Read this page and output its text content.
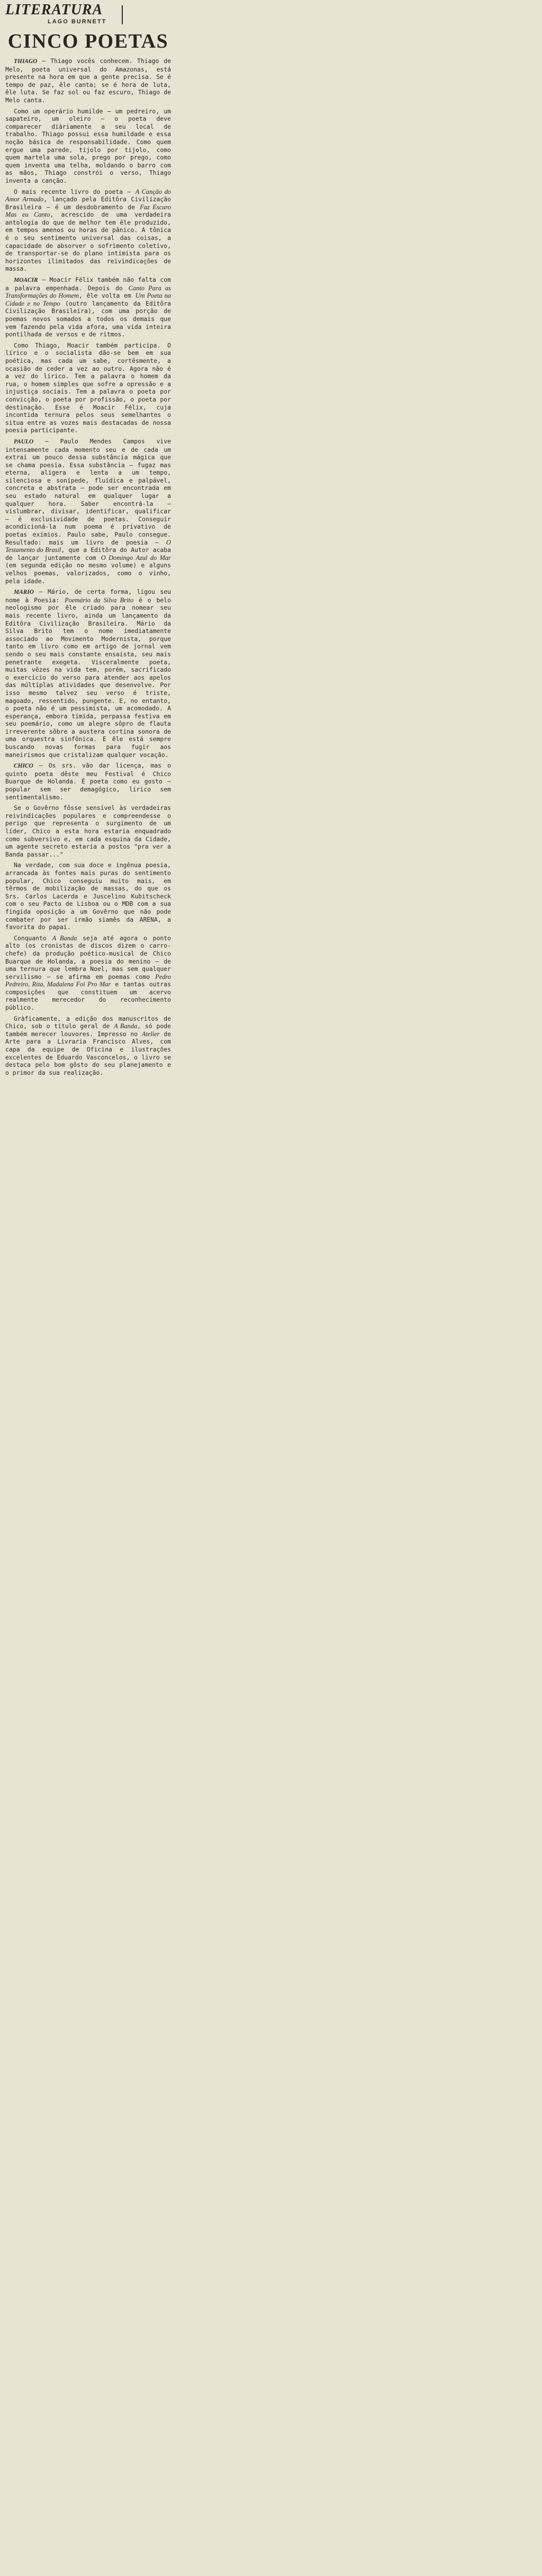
LITERATURA
LAGO BURNETT
CINCO POETAS

THIAGO — Thiago vocês conhecem. Thiago de Melo, poeta universal do Amazonas, está presente na hora em que a gente precisa. Se é tempo de paz, êle canta; se é hora de luta, êle luta. Se faz sol ou faz escuro, Thiago de Melo canta.

Como um operário humilde — um pedreiro, um sapateiro, um oleiro — o poeta deve comparecer diàriamente a seu local de trabalho. Thiago possui essa humildade e essa noção básica de responsabilidade. Como quem ergue uma parede, tijolo por tijolo, como quem martela uma sola, prego por prego, como quem inventa uma telha, moldando o barro com as mãos, Thiago constrói o verso, Thiago inventa a canção.

O mais recente livro do poeta — A Canção do Amor Armado, lançado pela Editôra Civilização Brasileira — é um desdobramento de Faz Escuro Mas eu Canto, acrescido de uma verdadeira antologia do que de melhor tem êle produzido, em tempos amenos ou horas de pânico. A tônica é o seu sentimento universal das coisas, a capacidade de absorver o sofrimento coletivo, de transportar-se do plano intimista para os horizontes ilimitados das reivindicações de massa.

MOACIR — Moacir Félix também não falta com a palavra empenhada. Depois do Canto Para as Transformações do Homem, êle volta em Um Poeta na Cidade e no Tempo (outro lançamento da Editôra Civilização Brasileira), com uma porção de poemas novos somados a todos os demais que vem fazendo pela vida afora, uma vida inteira pontilhada de versos e de ritmos.

Como Thiago, Moacir também participa. O lírico e o socialista dão-se bem em sua poética, mas cada um sabe, cortêsmente, a ocasião de ceder a vez ao outro. Agora não é a vez do lírico. Tem a palavra o homem da rua, o homem simples que sofre a opressão e a injustiça sociais. Tem a palavra o poeta por convicção, o poeta por profissão, o poeta por destinação. Esse é Moacir Félix, cuja incontida ternura pelos seus semelhantes o situa entre as vozes mais destacadas de nossa poesia participante.

PAULO — Paulo Mendes Campos vive intensamente cada momento seu e de cada um extrai um pouco dessa substância mágica que se chama poesia. Essa substância — fugaz mas eterna, aligera e lenta a um tempo, silenciosa e sonípede, fluídica e palpável, concreta e abstrata — pode ser encontrada em seu estado natural em qualquer lugar a qualquer hora. Saber encontrá-la — vislumbrar, divisar, identificar, qualificar — é exclusividade de poetas. Conseguir acondicioná-la num poema é privativo de poetas exímios. Paulo sabe, Paulo consegue. Resultado: mais um livro de poesia — O Testamento do Brasil, que a Editôra do Autor acaba de lançar juntamente com O Domingo Azul do Mar (em segunda edição no mesmo volume) e alguns velhos poemas, valorizados, como o vinho, pela idade.

MARIO — Mário, de certa forma, ligou seu nome à Poesia: Poemário da Silva Brito é o belo neologismo por êle criado para nomear seu mais recente livro, ainda um lançamento da Editôra Civilização Brasileira. Mário da Silva Brito tem o nome imediatamente associado ao Movimento Modernista, porque tanto em livro como em artigo de jornal vem sendo o seu mais constante ensaísta, seu mais penetrante exegeta. Visceralmente poeta, muitas vêzes na vida tem, porém, sacrificado o exercício do verso para atender aos apelos das múltiplas atividades que desenvolve. Por isso mesmo talvez seu verso é triste, magoado, ressentido, pungente. E, no entanto, o poeta não é um pessimista, um acomodado. A esperança, embora tímida, perpassa festiva em seu poemário, como um alegre sôpro de flauta irreverente sôbre a austera cortina sonora de uma orquestra sinfônica. E êle está sempre buscando novas formas para fugir aos maneirismos que cristalizam qualquer vocação.

CHICO — Os srs. vão dar licença, mas o quinto poeta dêste meu Festival é Chico Buarque de Holanda. É poeta como eu gosto — popular sem ser demagógico, lírico sem sentimentalismo.

Se o Govêrno fôsse sensível às verdadeiras reivindicações populares e compreendesse o perigo que representa o surgimento de um líder, Chico a esta hora estaria enquadrado como subversivo e, em cada esquina da Cidade, um agente secreto estaria a postos "pra ver a Banda passar..."

Na verdade, com sua doce e ingênua poesia, arrancada às fontes mais puras do sentimento popular, Chico conseguiu muito mais, em têrmos de mobilização de massas, do que os Srs. Carlos Lacerda e Juscelino Kubitscheck com o seu Pacto de Lisboa ou o MDB com a sua fingida oposição a um Govêrno que não pode combater por ser irmão siamês da ARENA, a favorita do papai.

Conquanto A Banda seja até agora o ponto alto (os cronistas de discos dizem o carro-chefe) da produção poético-musical de Chico Buarque de Holanda, a poesia do menino — de uma ternura que lembra Noel, mas sem qualquer servilismo — se afirma em poemas como Pedro Pedreiro, Rita, Madalena Foi Pro Mar e tantas outras composições que constituem um acervo realmente merecedor do reconhecimento público.

Gràficamente, a edição dos manuscritos de Chico, sob o título geral de A Banda, só pode também merecer louvores. Impresso no Atelier de Arte para a Livraria Francisco Alves, com capa da equipe de Oficina e ilustrações excelentes de Eduardo Vasconcelos, o livro se destaca pelo bom gôsto do seu planejamento e o primor da sua realização.
